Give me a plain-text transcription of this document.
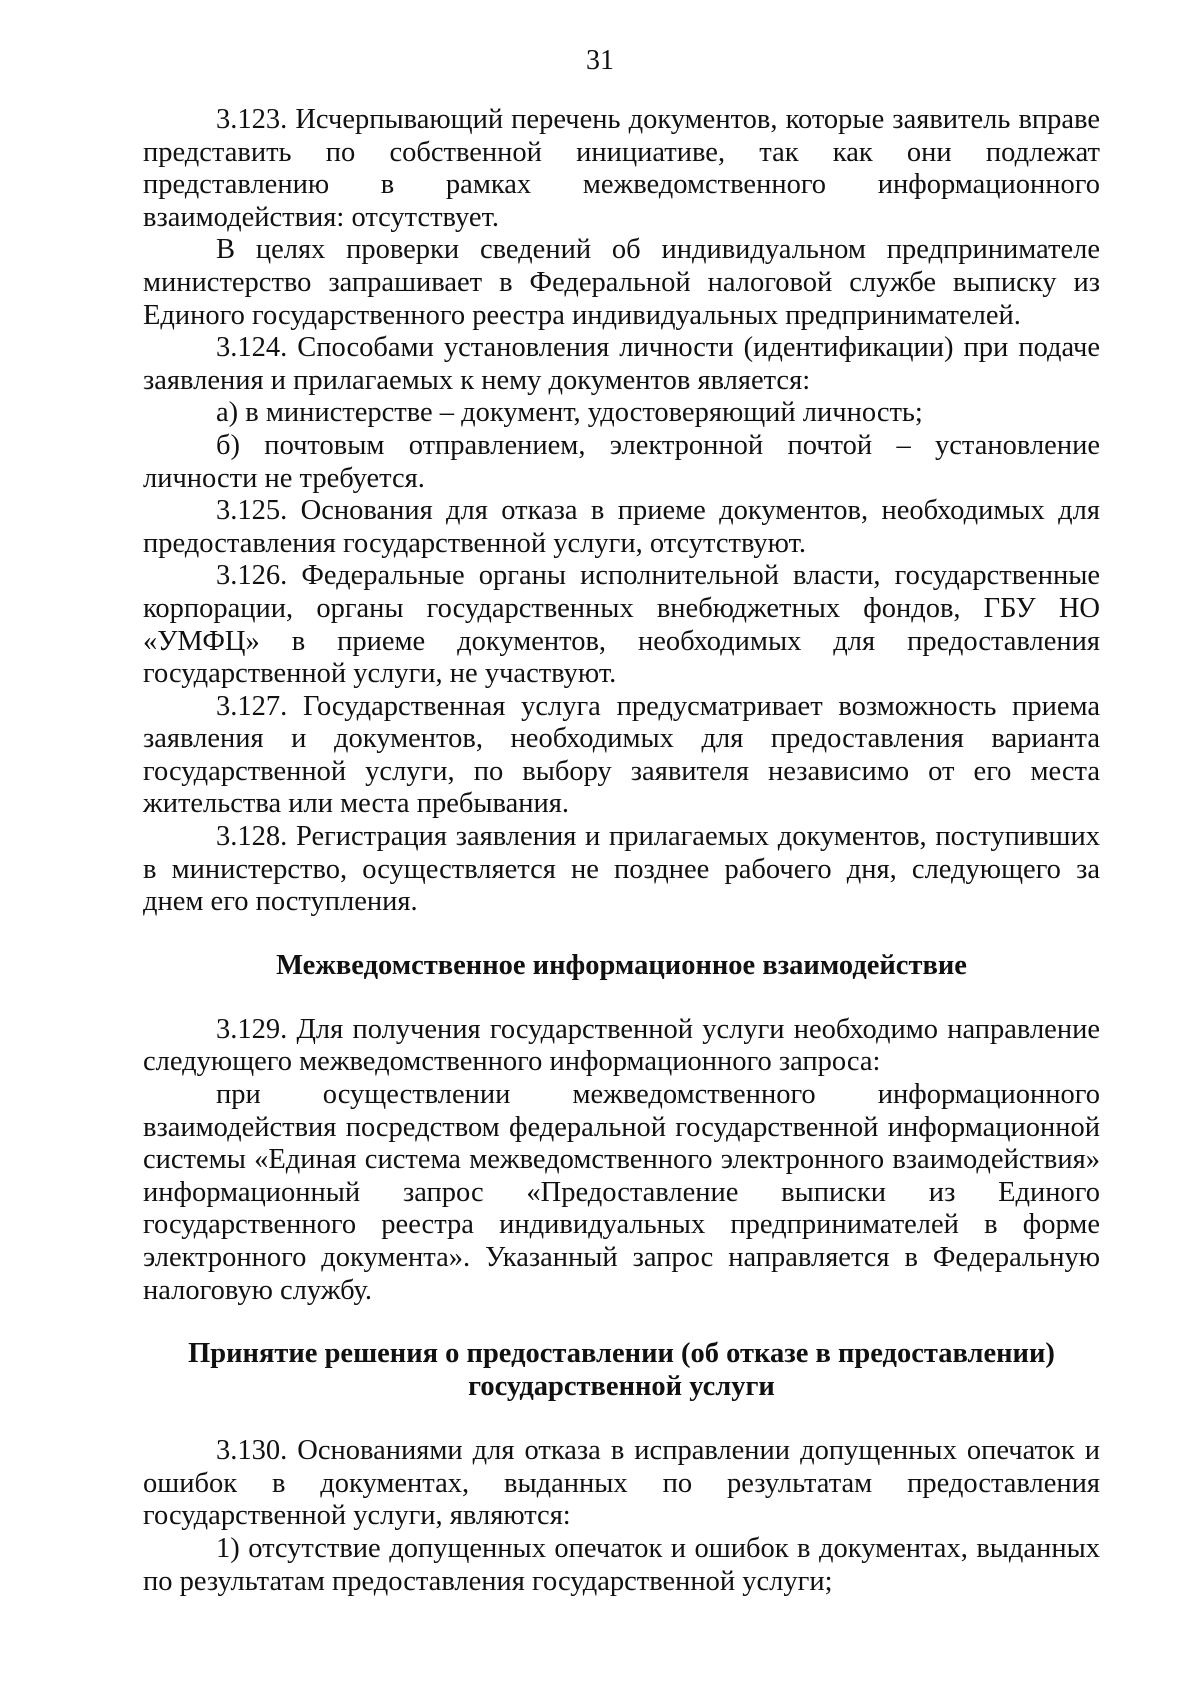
31

3.123. Исчерпывающий перечень документов, которые заявитель вправе представить по собственной инициативе, так как они подлежат представлению в рамках межведомственного информационного взаимодействия: отсутствует.

В целях проверки сведений об индивидуальном предпринимателе министерство запрашивает в Федеральной налоговой службе выписку из Единого государственного реестра индивидуальных предпринимателей.

3.124. Способами установления личности (идентификации) при подаче заявления и прилагаемых к нему документов является:

а) в министерстве – документ, удостоверяющий личность;

б) почтовым отправлением, электронной почтой – установление личности не требуется.

3.125. Основания для отказа в приеме документов, необходимых для предоставления государственной услуги, отсутствуют.

3.126. Федеральные органы исполнительной власти, государственные корпорации, органы государственных внебюджетных фондов, ГБУ НО «УМФЦ» в приеме документов, необходимых для предоставления государственной услуги, не участвуют.

3.127. Государственная услуга предусматривает возможность приема заявления и документов, необходимых для предоставления варианта государственной услуги, по выбору заявителя независимо от его места жительства или места пребывания.

3.128. Регистрация заявления и прилагаемых документов, поступивших в министерство, осуществляется не позднее рабочего дня, следующего за днем его поступления.

Межведомственное информационное взаимодействие

3.129. Для получения государственной услуги необходимо направление следующего межведомственного информационного запроса:

при осуществлении межведомственного информационного взаимодействия посредством федеральной государственной информационной системы «Единая система межведомственного электронного взаимодействия» информационный запрос «Предоставление выписки из Единого государственного реестра индивидуальных предпринимателей в форме электронного документа». Указанный запрос направляется в Федеральную налоговую службу.

Принятие решения о предоставлении (об отказе в предоставлении)
государственной услуги

3.130. Основаниями для отказа в исправлении допущенных опечаток и ошибок в документах, выданных по результатам предоставления государственной услуги, являются:

1) отсутствие допущенных опечаток и ошибок в документах, выданных по результатам предоставления государственной услуги;
